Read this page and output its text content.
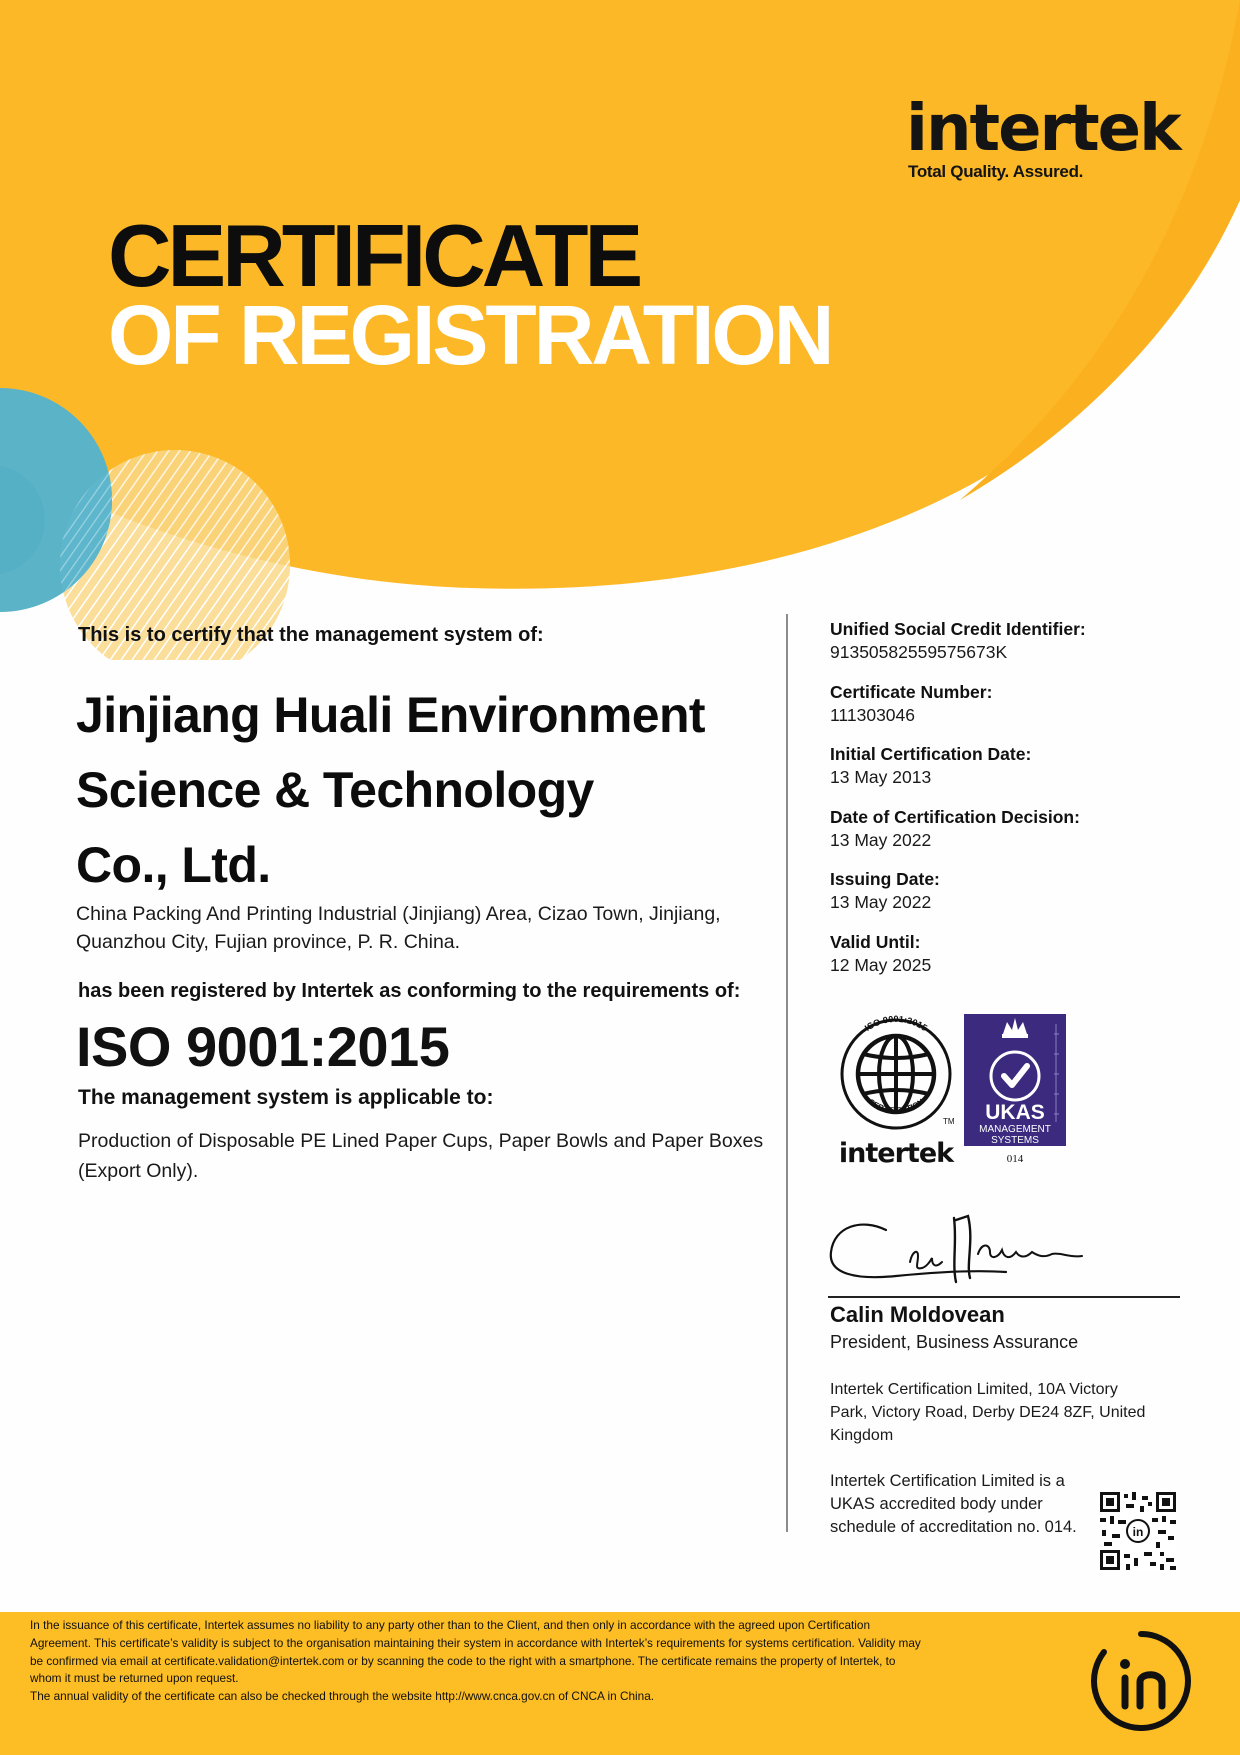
intertek
Total Quality. Assured.
CERTIFICATE
OF REGISTRATION
This is to certify that the management system of:
Jinjiang Huali Environment
Science & Technology
Co., Ltd.
China Packing And Printing Industrial (Jinjiang) Area, Cizao Town, Jinjiang,
Quanzhou City, Fujian province, P. R. China.
has been registered by Intertek as conforming to the requirements of:
ISO 9001:2015
The management system is applicable to:
Production of Disposable PE Lined Paper Cups, Paper Bowls and Paper Boxes
(Export Only).
Unified Social Credit Identifier:
91350582559575673K
Certificate Number:
111303046
Initial Certification Date:
13 May 2013
Date of Certification Decision:
13 May 2022
Issuing Date:
13 May 2022
Valid Until:
12 May 2025
ISO 9001:2015
CERTIFICATION
TM
intertek
UKAS
MANAGEMENT
SYSTEMS
014
Calin Moldovean
President, Business Assurance
Intertek Certification Limited, 10A Victory
Park, Victory Road, Derby DE24 8ZF, United
Kingdom
Intertek Certification Limited is a
UKAS accredited body under
schedule of accreditation no. 014.	in
In the issuance of this certificate, Intertek assumes no liability to any party other than to the Client, and then only in accordance with the agreed upon Certification
Agreement. This certificate’s validity is subject to the organisation maintaining their system in accordance with Intertek’s requirements for systems certification. Validity may
be confirmed via email at certificate.validation@intertek.com or by scanning the code to the right with a smartphone. The certificate remains the property of Intertek, to
whom it must be returned upon request.
The annual validity of the certificate can also be checked through the website http://www.cnca.gov.cn of CNCA in China.
